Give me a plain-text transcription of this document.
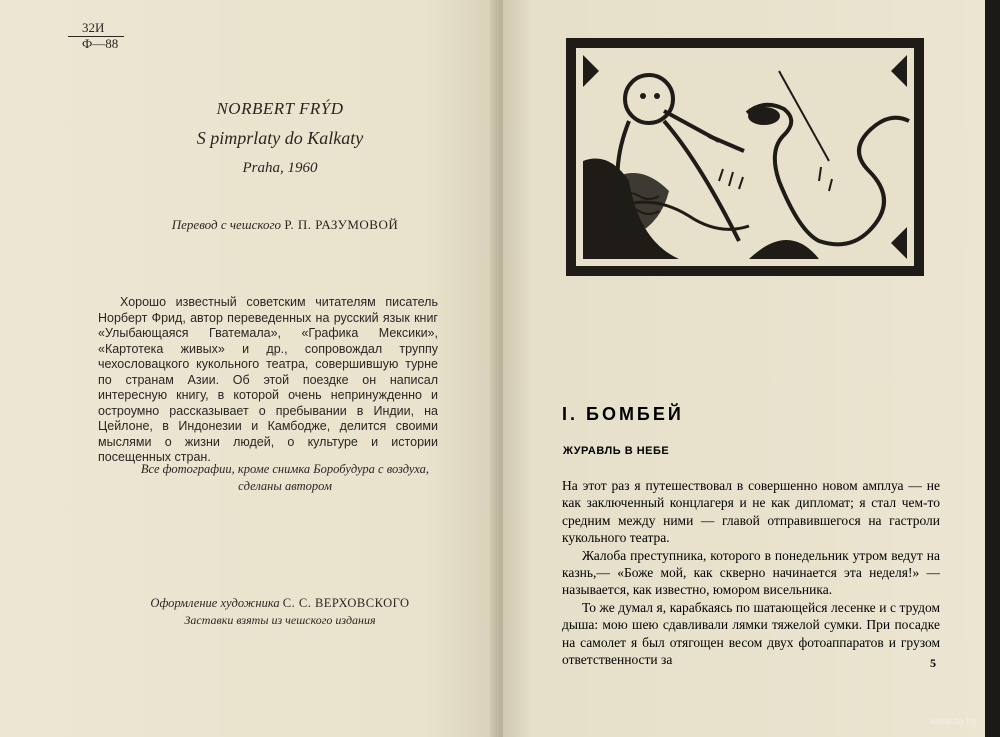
32И
Ф—88
NORBERT FRÝD
S pimprlaty do Kalkaty
Praha, 1960
Перевод с чешского Р. П. РАЗУМОВОЙ
Хорошо известный советским читателям писатель Норберт Фрид, автор переведенных на русский язык книг «Улыбающаяся Гватемала», «Графика Мексики», «Картотека живых» и др., сопровождал труппу чехословацкого кукольного театра, совершившую турне по странам Азии. Об этой поездке он написал интересную книгу, в которой очень непринужденно и остроумно рассказывает о пребывании в Индии, на Цейлоне, в Индонезии и Камбодже, делится своими мыслями о жизни людей, о культуре и истории посещенных стран.
Все фотографии, кроме снимка Боробудура с воздуха,
сделаны автором
Оформление художника С. С. ВЕРХОВСКОГО
Заставки взяты из чешского издания
I. БОМБЕЙ
ЖУРАВЛЬ В НЕБЕ

На этот раз я путешествовал в совершенно новом амплуа — не как заключенный концлагеря и не как дипломат; я стал чем-то средним между ними — главой отправившегося на гастроли кукольного театра.

Жалоба преступника, которого в понедельник утром ведут на казнь,— «Боже мой, как скверно начинается эта неделя!» — называется, как известно, юмором висельника.

То же думал я, карабкаясь по шатающейся лесенке и с трудом дыша: мою шею сдавливали лямки тяжелой сумки. При посадке на самолет я был отягощен весом двух фотоаппаратов и грузом ответственности за	5
www.ay.by
